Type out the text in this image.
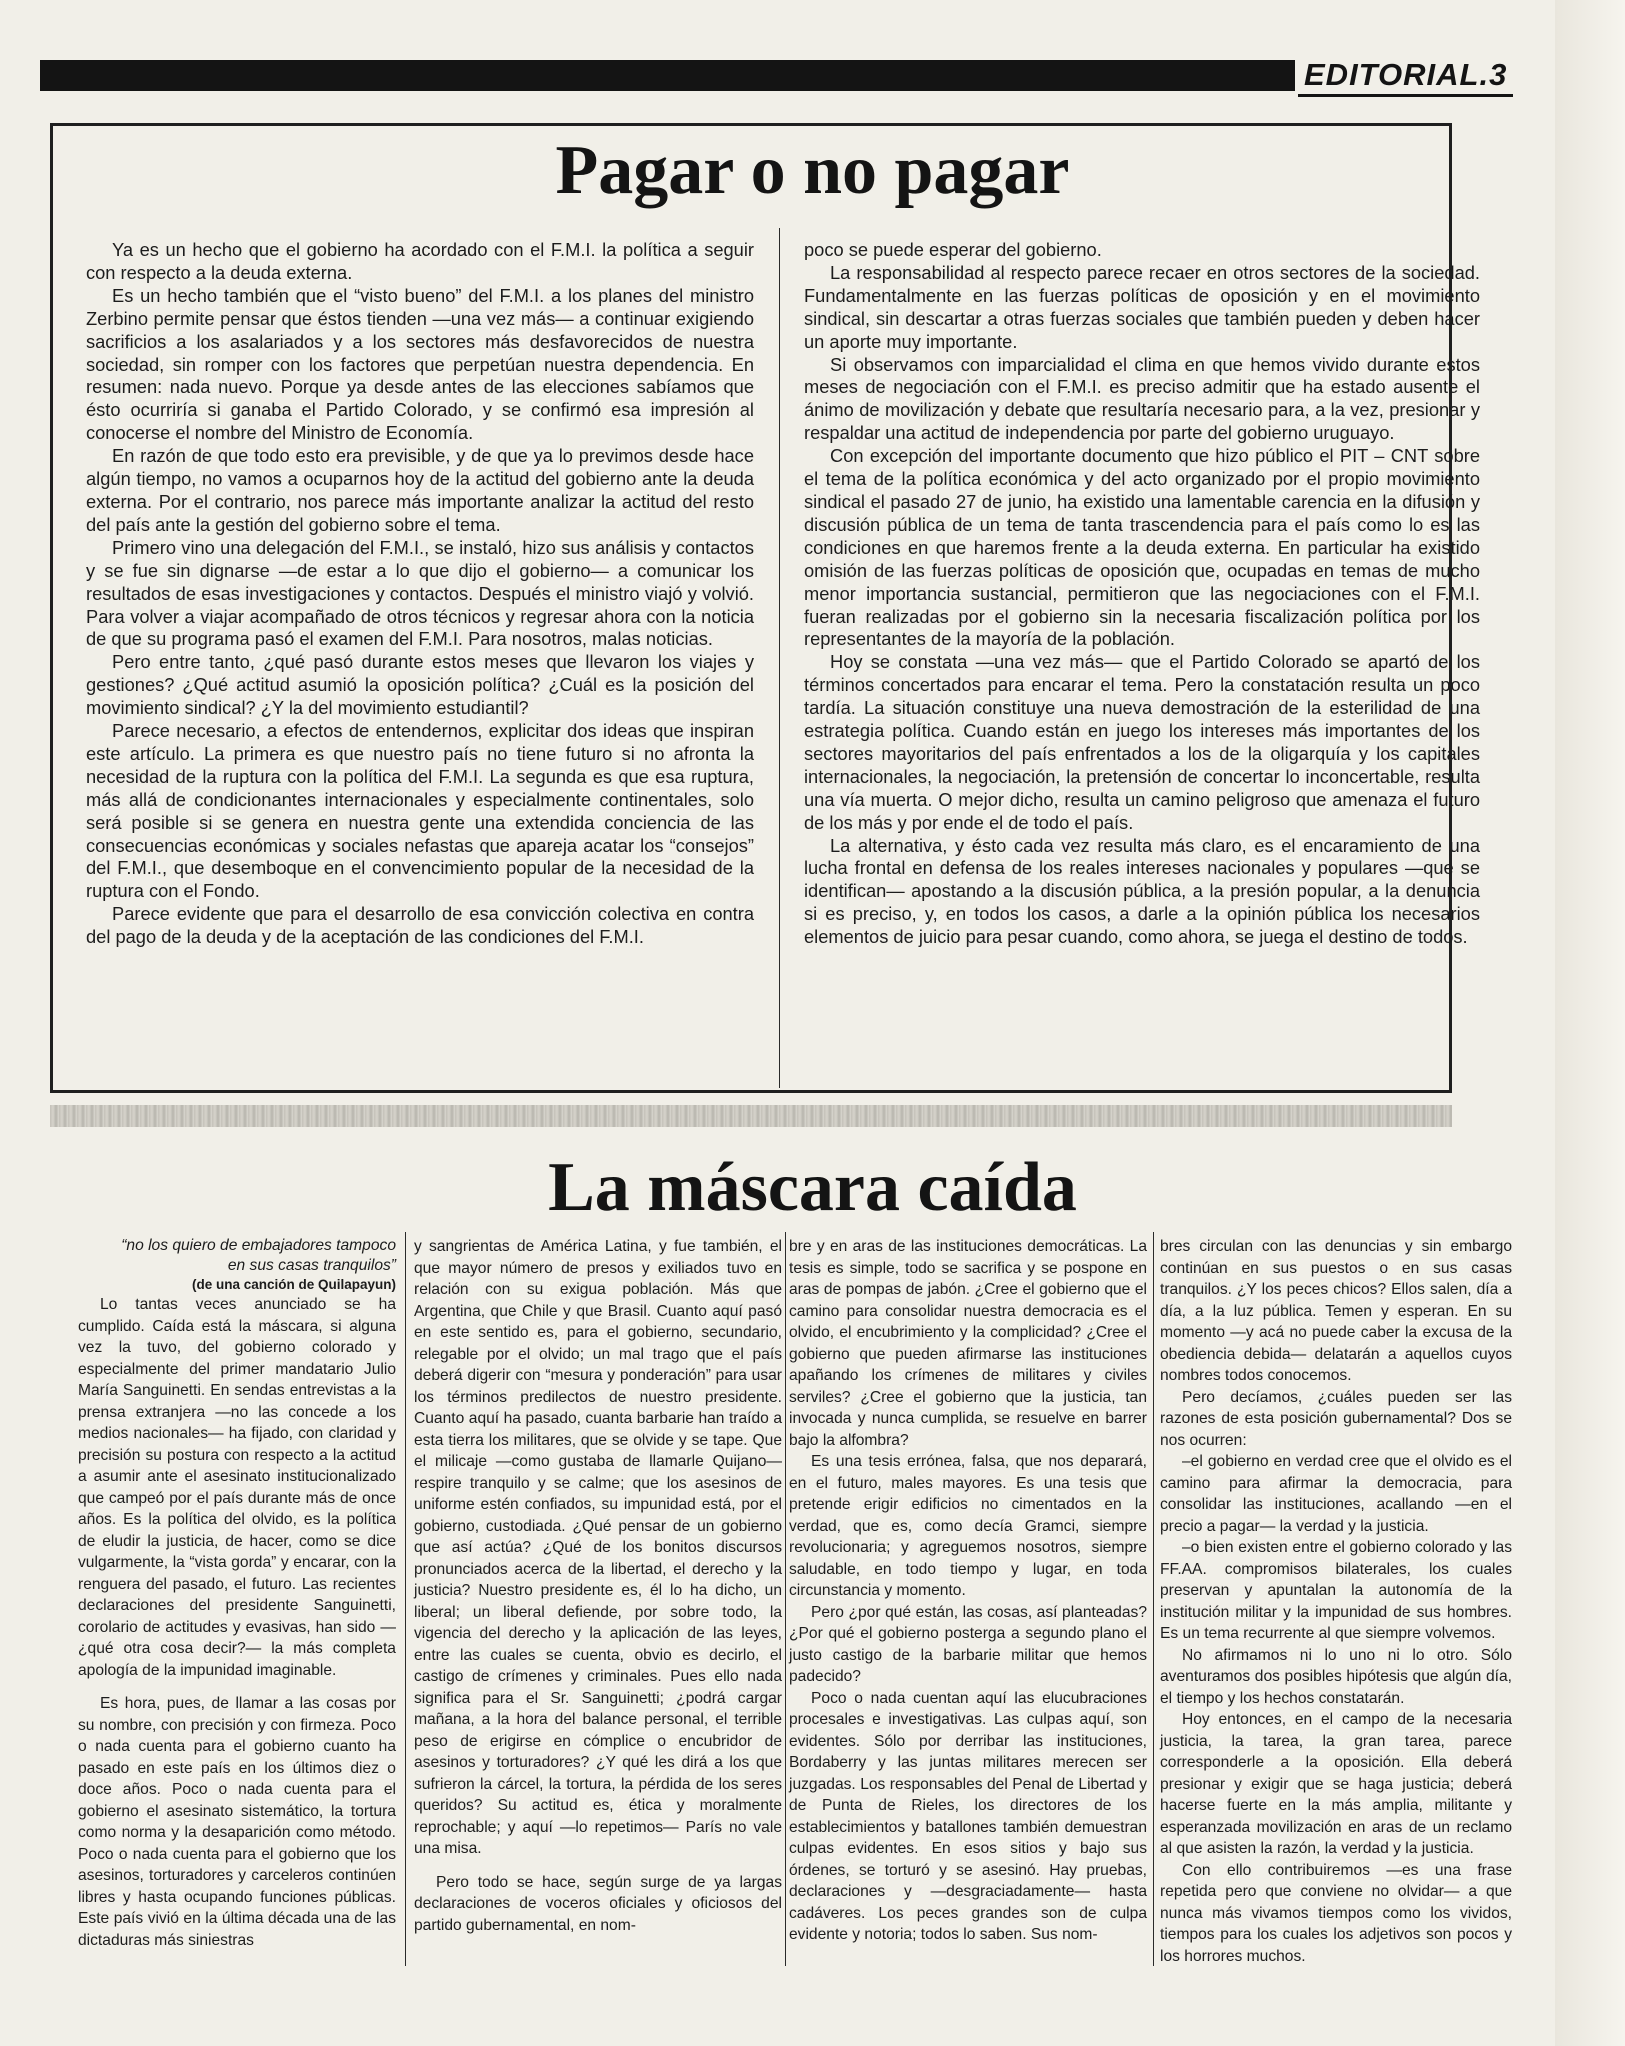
EDITORIAL.3
Pagar o no pagar

Ya es un hecho que el gobierno ha acordado con el F.M.I. la política a seguir con respecto a la deuda externa.

Es un hecho también que el “visto bueno” del F.M.I. a los planes del ministro Zerbino permite pensar que éstos tienden —una vez más— a continuar exigiendo sacrificios a los asalariados y a los sectores más desfavorecidos de nuestra sociedad, sin romper con los factores que perpetúan nuestra dependencia. En resumen: nada nuevo. Porque ya desde antes de las elecciones sabíamos que ésto ocurriría si ganaba el Partido Colorado, y se confirmó esa impresión al conocerse el nombre del Ministro de Economía.

En razón de que todo esto era previsible, y de que ya lo previmos desde hace algún tiempo, no vamos a ocuparnos hoy de la actitud del gobierno ante la deuda externa. Por el contrario, nos parece más importante analizar la actitud del resto del país ante la gestión del gobierno sobre el tema.

Primero vino una delegación del F.M.I., se instaló, hizo sus análisis y contactos y se fue sin dignarse —de estar a lo que dijo el gobierno— a comunicar los resultados de esas investigaciones y contactos. Después el ministro viajó y volvió. Para volver a viajar acompañado de otros técnicos y regresar ahora con la noticia de que su programa pasó el examen del F.M.I. Para nosotros, malas noticias.

Pero entre tanto, ¿qué pasó durante estos meses que llevaron los viajes y gestiones? ¿Qué actitud asumió la oposición política? ¿Cuál es la posición del movimiento sindical? ¿Y la del movimiento estudiantil?

Parece necesario, a efectos de entendernos, explicitar dos ideas que inspiran este artículo. La primera es que nuestro país no tiene futuro si no afronta la necesidad de la ruptura con la política del F.M.I. La segunda es que esa ruptura, más allá de condicionantes internacionales y especialmente continentales, solo será posible si se genera en nuestra gente una extendida conciencia de las consecuencias económicas y sociales nefastas que apareja acatar los “consejos” del F.M.I., que desemboque en el convencimiento popular de la necesidad de la ruptura con el Fondo.

Parece evidente que para el desarrollo de esa convicción colectiva en contra del pago de la deuda y de la aceptación de las condiciones del F.M.I.

poco se puede esperar del gobierno.

La responsabilidad al respecto parece recaer en otros sectores de la sociedad. Fundamentalmente en las fuerzas políticas de oposición y en el movimiento sindical, sin descartar a otras fuerzas sociales que también pueden y deben hacer un aporte muy importante.

Si observamos con imparcialidad el clima en que hemos vivido durante estos meses de negociación con el F.M.I. es preciso admitir que ha estado ausente el ánimo de movilización y debate que resultaría necesario para, a la vez, presionar y respaldar una actitud de independencia por parte del gobierno uruguayo.

Con excepción del importante documento que hizo público el PIT – CNT sobre el tema de la política económica y del acto organizado por el propio movimiento sindical el pasado 27 de junio, ha existido una lamentable carencia en la difusión y discusión pública de un tema de tanta trascendencia para el país como lo es las condiciones en que haremos frente a la deuda externa. En particular ha existido omisión de las fuerzas políticas de oposición que, ocupadas en temas de mucho menor importancia sustancial, permitieron que las negociaciones con el F.M.I. fueran realizadas por el gobierno sin la necesaria fiscalización política por los representantes de la mayoría de la población.

Hoy se constata —una vez más— que el Partido Colorado se apartó de los términos concertados para encarar el tema. Pero la constatación resulta un poco tardía. La situación constituye una nueva demostración de la esterilidad de una estrategia política. Cuando están en juego los intereses más importantes de los sectores mayoritarios del país enfrentados a los de la oligarquía y los capitales internacionales, la negociación, la pretensión de concertar lo inconcertable, resulta una vía muerta. O mejor dicho, resulta un camino peligroso que amenaza el futuro de los más y por ende el de todo el país.

La alternativa, y ésto cada vez resulta más claro, es el encaramiento de una lucha frontal en defensa de los reales intereses nacionales y populares —que se identifican— apostando a la discusión pública, a la presión popular, a la denuncia si es preciso, y, en todos los casos, a darle a la opinión pública los necesarios elementos de juicio para pesar cuando, como ahora, se juega el destino de todos.

La máscara caída

“no los quiero de embajadores tampoco en sus casas tranquilos”

(de una canción de Quilapayun)

Lo tantas veces anunciado se ha cumplido. Caída está la máscara, si alguna vez la tuvo, del gobierno colorado y especialmente del primer mandatario Julio María Sanguinetti. En sendas entrevistas a la prensa extranjera —no las concede a los medios nacionales— ha fijado, con claridad y precisión su postura con respecto a la actitud a asumir ante el asesinato institucionalizado que campeó por el país durante más de once años. Es la política del olvido, es la política de eludir la justicia, de hacer, como se dice vulgarmente, la “vista gorda” y encarar, con la renguera del pasado, el futuro. Las recientes declaraciones del presidente Sanguinetti, corolario de actitudes y evasivas, han sido —¿qué otra cosa decir?— la más completa apología de la impunidad imaginable.

Es hora, pues, de llamar a las cosas por su nombre, con precisión y con firmeza. Poco o nada cuenta para el gobierno cuanto ha pasado en este país en los últimos diez o doce años. Poco o nada cuenta para el gobierno el asesinato sistemático, la tortura como norma y la desaparición como método. Poco o nada cuenta para el gobierno que los asesinos, torturadores y carceleros continúen libres y hasta ocupando funciones públicas. Este país vivió en la última década una de las dictaduras más siniestras

y sangrientas de América Latina, y fue también, el que mayor número de presos y exiliados tuvo en relación con su exigua población. Más que Argentina, que Chile y que Brasil. Cuanto aquí pasó en este sentido es, para el gobierno, secundario, relegable por el olvido; un mal trago que el país deberá digerir con “mesura y ponderación” para usar los términos predilectos de nuestro presidente. Cuanto aquí ha pasado, cuanta barbarie han traído a esta tierra los militares, que se olvide y se tape. Que el milicaje —como gustaba de llamarle Quijano— respire tranquilo y se calme; que los asesinos de uniforme estén confiados, su impunidad está, por el gobierno, custodiada. ¿Qué pensar de un gobierno que así actúa? ¿Qué de los bonitos discursos pronunciados acerca de la libertad, el derecho y la justicia? Nuestro presidente es, él lo ha dicho, un liberal; un liberal defiende, por sobre todo, la vigencia del derecho y la aplicación de las leyes, entre las cuales se cuenta, obvio es decirlo, el castigo de crímenes y criminales. Pues ello nada significa para el Sr. Sanguinetti; ¿podrá cargar mañana, a la hora del balance personal, el terrible peso de erigirse en cómplice o encubridor de asesinos y torturadores? ¿Y qué les dirá a los que sufrieron la cárcel, la tortura, la pérdida de los seres queridos? Su actitud es, ética y moralmente reprochable; y aquí —lo repetimos— París no vale una misa.

Pero todo se hace, según surge de ya largas declaraciones de voceros oficiales y oficiosos del partido gubernamental, en nom-

bre y en aras de las instituciones democráticas. La tesis es simple, todo se sacrifica y se pospone en aras de pompas de jabón. ¿Cree el gobierno que el camino para consolidar nuestra democracia es el olvido, el encubrimiento y la complicidad? ¿Cree el gobierno que pueden afirmarse las instituciones apañando los crímenes de militares y civiles serviles? ¿Cree el gobierno que la justicia, tan invocada y nunca cumplida, se resuelve en barrer bajo la alfombra?

Es una tesis errónea, falsa, que nos deparará, en el futuro, males mayores. Es una tesis que pretende erigir edificios no cimentados en la verdad, que es, como decía Gramci, siempre revolucionaria; y agreguemos nosotros, siempre saludable, en todo tiempo y lugar, en toda circunstancia y momento.

Pero ¿por qué están, las cosas, así planteadas? ¿Por qué el gobierno posterga a segundo plano el justo castigo de la barbarie militar que hemos padecido?

Poco o nada cuentan aquí las elucubraciones procesales e investigativas. Las culpas aquí, son evidentes. Sólo por derribar las instituciones, Bordaberry y las juntas militares merecen ser juzgadas. Los responsables del Penal de Libertad y de Punta de Rieles, los directores de los establecimientos y batallones también demuestran culpas evidentes. En esos sitios y bajo sus órdenes, se torturó y se asesinó. Hay pruebas, declaraciones y —desgraciadamente— hasta cadáveres. Los peces grandes son de culpa evidente y notoria; todos lo saben. Sus nom-

bres circulan con las denuncias y sin embargo continúan en sus puestos o en sus casas tranquilos. ¿Y los peces chicos? Ellos salen, día a día, a la luz pública. Temen y esperan. En su momento —y acá no puede caber la excusa de la obediencia debida— delatarán a aquellos cuyos nombres todos conocemos.

Pero decíamos, ¿cuáles pueden ser las razones de esta posición gubernamental? Dos se nos ocurren:

–el gobierno en verdad cree que el olvido es el camino para afirmar la democracia, para consolidar las instituciones, acallando —en el precio a pagar— la verdad y la justicia.

–o bien existen entre el gobierno colorado y las FF.AA. compromisos bilaterales, los cuales preservan y apuntalan la autonomía de la institución militar y la impunidad de sus hombres. Es un tema recurrente al que siempre volvemos.

No afirmamos ni lo uno ni lo otro. Sólo aventuramos dos posibles hipótesis que algún día, el tiempo y los hechos constatarán.

Hoy entonces, en el campo de la necesaria justicia, la tarea, la gran tarea, parece corresponderle a la oposición. Ella deberá presionar y exigir que se haga justicia; deberá hacerse fuerte en la más amplia, militante y esperanzada movilización en aras de un reclamo al que asisten la razón, la verdad y la justicia.

Con ello contribuiremos —es una frase repetida pero que conviene no olvidar— a que nunca más vivamos tiempos como los vividos, tiempos para los cuales los adjetivos son pocos y los horrores muchos.
